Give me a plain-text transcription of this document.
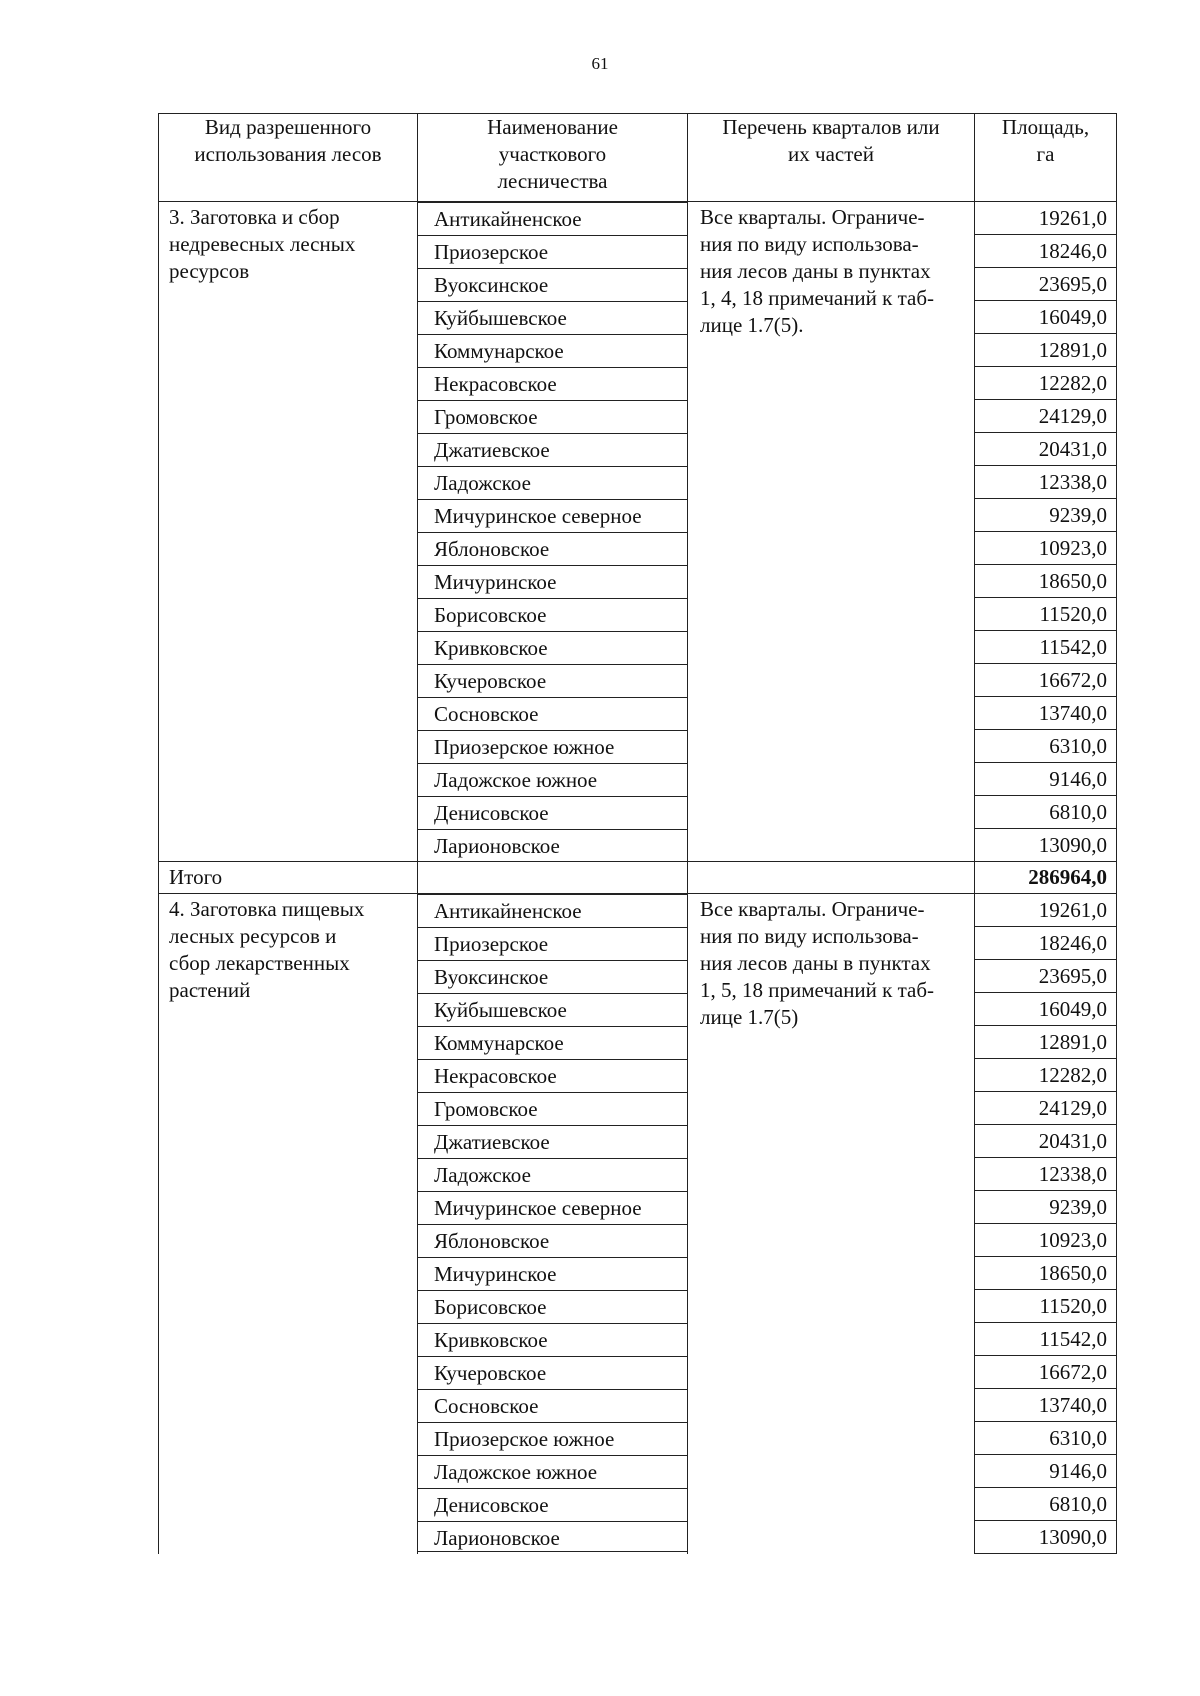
61
Вид разрешенного
использования лесов	Наименование
участкового
лесничества	Перечень кварталов или
их частей	Площадь,
га
3. Заготовка и сбор
недревесных лесных
ресурсов	Антикайненское	Все кварталы. Ограниче-
ния по виду использова-
ния лесов даны в пунктах
1, 4, 18 примечаний к таб-
лице 1.7(5).	19261,0

	Приозерское		18246,0

	Вуоксинское		23695,0

	Куйбышевское		16049,0

	Коммунарское		12891,0

	Некрасовское		12282,0

	Громовское		24129,0

	Джатиевское		20431,0

	Ладожское		12338,0

	Мичуринское северное		9239,0

	Яблоновское		10923,0

	Мичуринское		18650,0

	Борисовское		11520,0

	Кривковское		11542,0

	Кучеровское		16672,0

	Сосновское		13740,0

	Приозерское южное		6310,0

	Ладожское южное		9146,0

	Денисовское		6810,0

	Ларионовское		13090,0
Итого			286964,0
4. Заготовка пищевых
лесных ресурсов и
сбор лекарственных
растений	Антикайненское	Все кварталы. Ограниче-
ния по виду использова-
ния лесов даны в пунктах
1, 5, 18 примечаний к таб-
лице 1.7(5)	19261,0

	Приозерское		18246,0

	Вуоксинское		23695,0

	Куйбышевское		16049,0

	Коммунарское		12891,0

	Некрасовское		12282,0

	Громовское		24129,0

	Джатиевское		20431,0

	Ладожское		12338,0

	Мичуринское северное		9239,0

	Яблоновское		10923,0

	Мичуринское		18650,0

	Борисовское		11520,0

	Кривковское		11542,0

	Кучеровское		16672,0

	Сосновское		13740,0

	Приозерское южное		6310,0

	Ладожское южное		9146,0

	Денисовское		6810,0

	Ларионовское		13090,0
